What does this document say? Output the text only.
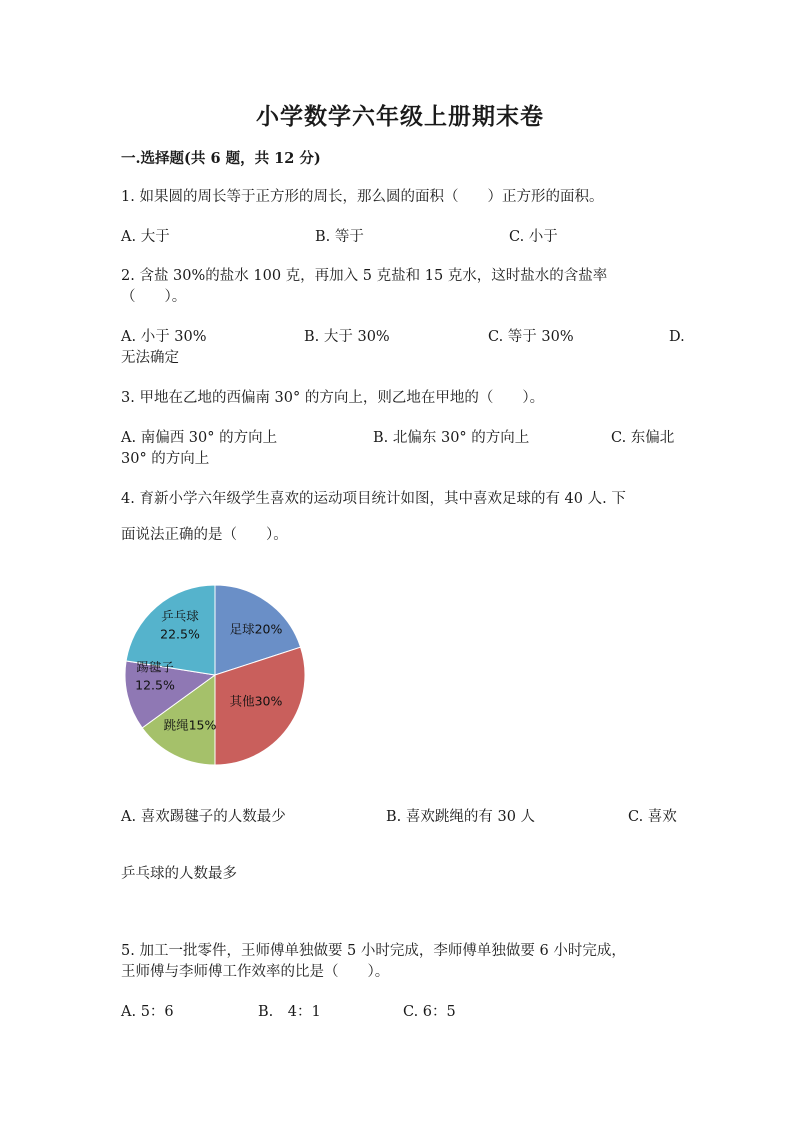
小学数学六年级上册期末卷
一.选择题(共 6 题，共 12 分)
1. 如果圆的周长等于正方形的周长，那么圆的面积（　　）正方形的面积。
A. 大于	B. 等于	C. 小于
2. 含盐 30%的盐水 100 克，再加入 5 克盐和 15 克水，这时盐水的含盐率
（　　）。
A. 小于 30%	B. 大于 30%	C. 等于 30%	D.
无法确定
3. 甲地在乙地的西偏南 30° 的方向上，则乙地在甲地的（　　）。
A. 南偏西 30° 的方向上	B. 北偏东 30° 的方向上	C. 东偏北
30° 的方向上
4. 育新小学六年级学生喜欢的运动项目统计如图，其中喜欢足球的有 40 人. 下
面说法正确的是（　　）。
足球20%
其他30%
跳绳15%
踢毽子
12.5%
乒乓球
22.5%
A. 喜欢踢毽子的人数最少	B. 喜欢跳绳的有 30 人	C. 喜欢
乒乓球的人数最多
5. 加工一批零件，王师傅单独做要 5 小时完成，李师傅单独做要 6 小时完成，
王师傅与李师傅工作效率的比是（　　）。
A. 5：6	B.　4：1	C. 6：5
